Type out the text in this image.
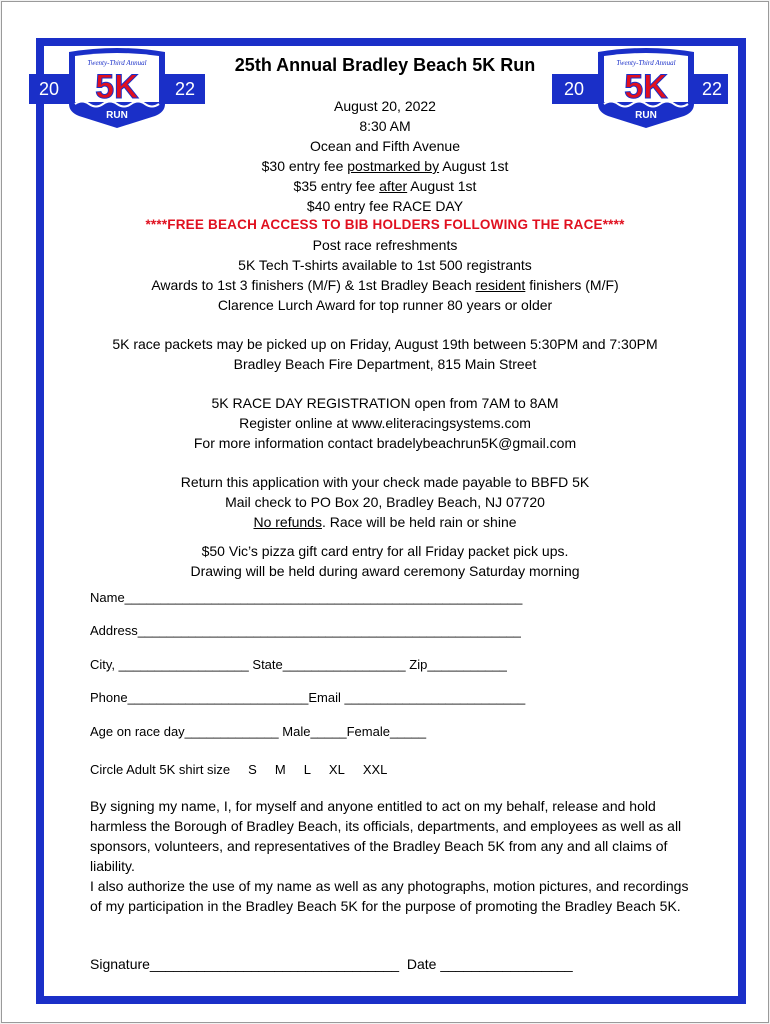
20	22
Twenty-Third Annual
5K
RUN
20	22
Twenty-Third Annual
5K
RUN
25th Annual Bradley Beach 5K Run
August 20, 2022
8:30 AM
Ocean and Fifth Avenue
$30 entry fee postmarked by August 1st
$35 entry fee after August 1st
$40 entry fee RACE DAY
****FREE BEACH ACCESS TO BIB HOLDERS FOLLOWING THE RACE****
Post race refreshments
5K Tech T-shirts available to 1st 500 registrants
Awards to 1st 3 finishers (M/F) & 1st Bradley Beach resident finishers (M/F)
Clarence Lurch Award for top runner 80 years or older
5K race packets may be picked up on Friday, August 19th between 5:30PM and 7:30PM
Bradley Beach Fire Department, 815 Main Street
5K RACE DAY REGISTRATION open from 7AM to 8AM
Register online at www.eliteracingsystems.com
For more information contact bradelybeachrun5K@gmail.com
Return this application with your check made payable to BBFD 5K
Mail check to PO Box 20, Bradley Beach, NJ 07720
No refunds. Race will be held rain or shine
$50 Vic’s pizza gift card entry for all Friday packet pick ups.
Drawing will be held during award ceremony Saturday morning
Name_______________________________________________________
Address_____________________________________________________
City, __________________ State_________________ Zip___________
Phone_________________________Email _________________________
Age on race day_____________ Male_____Female_____
Circle Adult 5K shirt size S M L XL XXL
By signing my name, I, for myself and anyone entitled to act on my behalf, release and hold harmless the Borough of Bradley Beach, its officials, departments, and employees as well as all sponsors, volunteers, and representatives of the Bradley Beach 5K from any and all claims of liability.
I also authorize the use of my name as well as any photographs, motion pictures, and recordings of my participation in the Bradley Beach 5K for the purpose of promoting the Bradley Beach 5K.
Signature________________________________  Date _________________
